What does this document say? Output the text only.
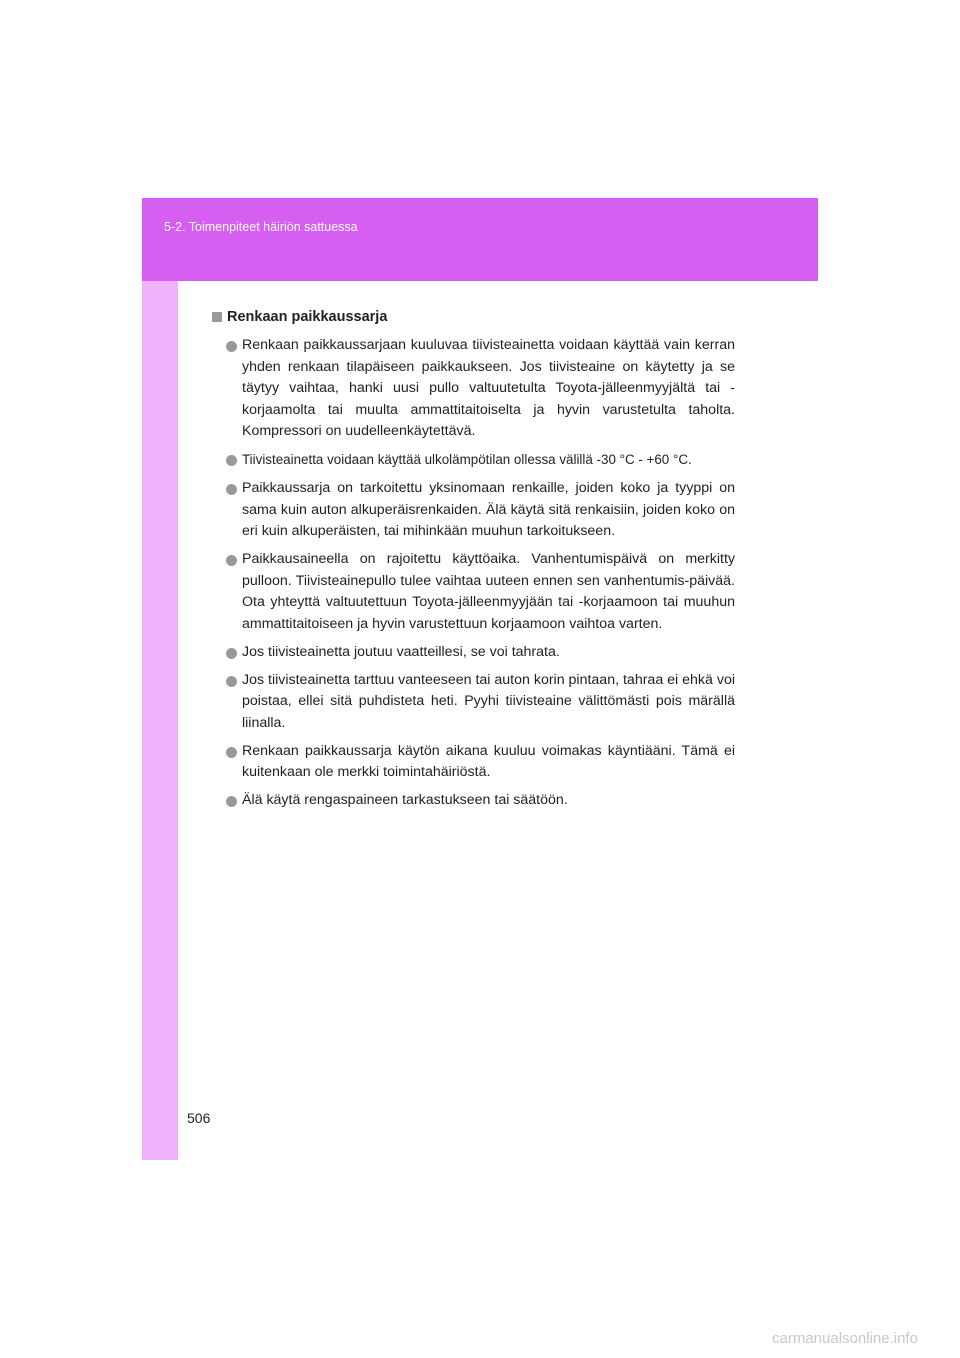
5-2. Toimenpiteet häiriön sattuessa
Renkaan paikkaussarja
Renkaan paikkaussarjaan kuuluvaa tiivisteainetta voidaan käyttää vain kerran yhden renkaan tilapäiseen paikkaukseen. Jos tiivisteaine on käytetty ja se täytyy vaihtaa, hanki uusi pullo valtuutetulta Toyota-jälleenmyyjältä tai -korjaamolta tai muulta ammattitaitoiselta ja hyvin varustetulta taholta. Kompressori on uudelleenkäytettävä.
Tiivisteainetta voidaan käyttää ulkolämpötilan ollessa välillä -30 °C - +60 °C.
Paikkaussarja on tarkoitettu yksinomaan renkaille, joiden koko ja tyyppi on sama kuin auton alkuperäisrenkaiden. Älä käytä sitä renkaisiin, joiden koko on eri kuin alkuperäisten, tai mihinkään muuhun tarkoitukseen.
Paikkausaineella on rajoitettu käyttöaika. Vanhentumispäivä on merkitty pulloon. Tiivisteainepullo tulee vaihtaa uuteen ennen sen vanhentumis-päivää. Ota yhteyttä valtuutettuun Toyota-jälleenmyyjään tai -korjaamoon tai muuhun ammattitaitoiseen ja hyvin varustettuun korjaamoon vaihtoa varten.
Jos tiivisteainetta joutuu vaatteillesi, se voi tahrata.
Jos tiivisteainetta tarttuu vanteeseen tai auton korin pintaan, tahraa ei ehkä voi poistaa, ellei sitä puhdisteta heti. Pyyhi tiivisteaine välittömästi pois märällä liinalla.
Renkaan paikkaussarja käytön aikana kuuluu voimakas käyntiääni. Tämä ei kuitenkaan ole merkki toimintahäiriöstä.
Älä käytä rengaspaineen tarkastukseen tai säätöön.
506
carmanualsonline.info
